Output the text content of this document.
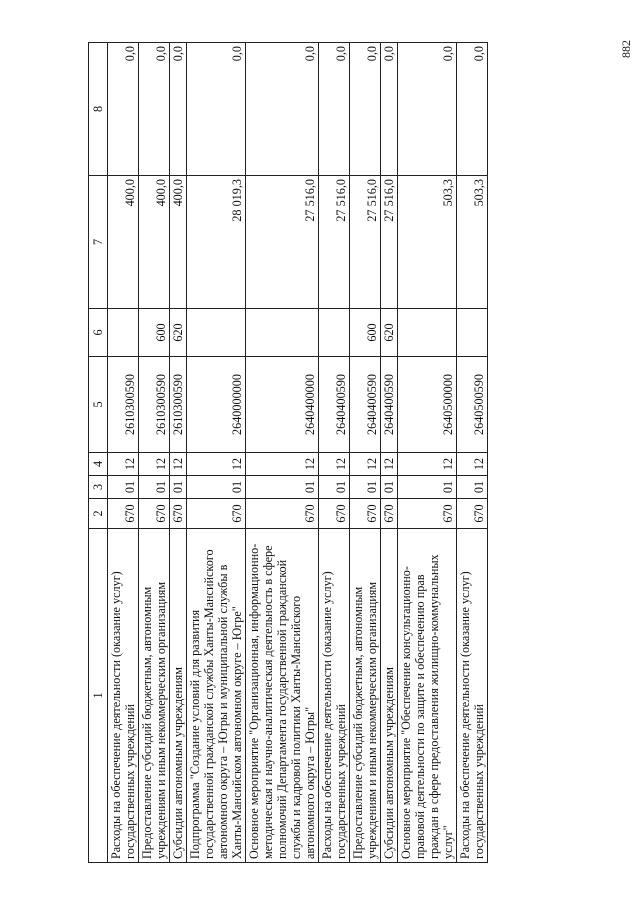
882
1	2	3	4	5	6	7	8
Расходы на обеспечение деятельности (оказание услуг) государственных учреждений	670	01	12	2610300590		400,0	0,0
Предоставление субсидий бюджетным, автономным учреждениям и иным некоммерческим организациям	670	01	12	2610300590	600	400,0	0,0
Субсидии автономным учреждениям	670	01	12	2610300590	620	400,0	0,0
Подпрограмма "Создание условий для развития государственной гражданской службы Ханты-Мансийского автономного округа – Югры и муниципальной службы в Ханты-Мансийском автономном округе – Югре"	670	01	12	2640000000		28 019,3	0,0
Основное мероприятие "Организационная, информационно-методическая и научно-аналитическая деятельность в сфере полномочий Департамента государственной гражданской службы и кадровой политики Ханты-Мансийского автономного округа – Югры"	670	01	12	2640400000		27 516,0	0,0
Расходы на обеспечение деятельности (оказание услуг) государственных учреждений	670	01	12	2640400590		27 516,0	0,0
Предоставление субсидий бюджетным, автономным учреждениям и иным некоммерческим организациям	670	01	12	2640400590	600	27 516,0	0,0
Субсидии автономным учреждениям	670	01	12	2640400590	620	27 516,0	0,0
Основное мероприятие "Обеспечение консультационно-правовой деятельности по защите и обеспечению прав граждан в сфере предоставления жилищно-коммунальных услуг"	670	01	12	2640500000		503,3	0,0
Расходы на обеспечение деятельности (оказание услуг) государственных учреждений	670	01	12	2640500590		503,3	0,0
